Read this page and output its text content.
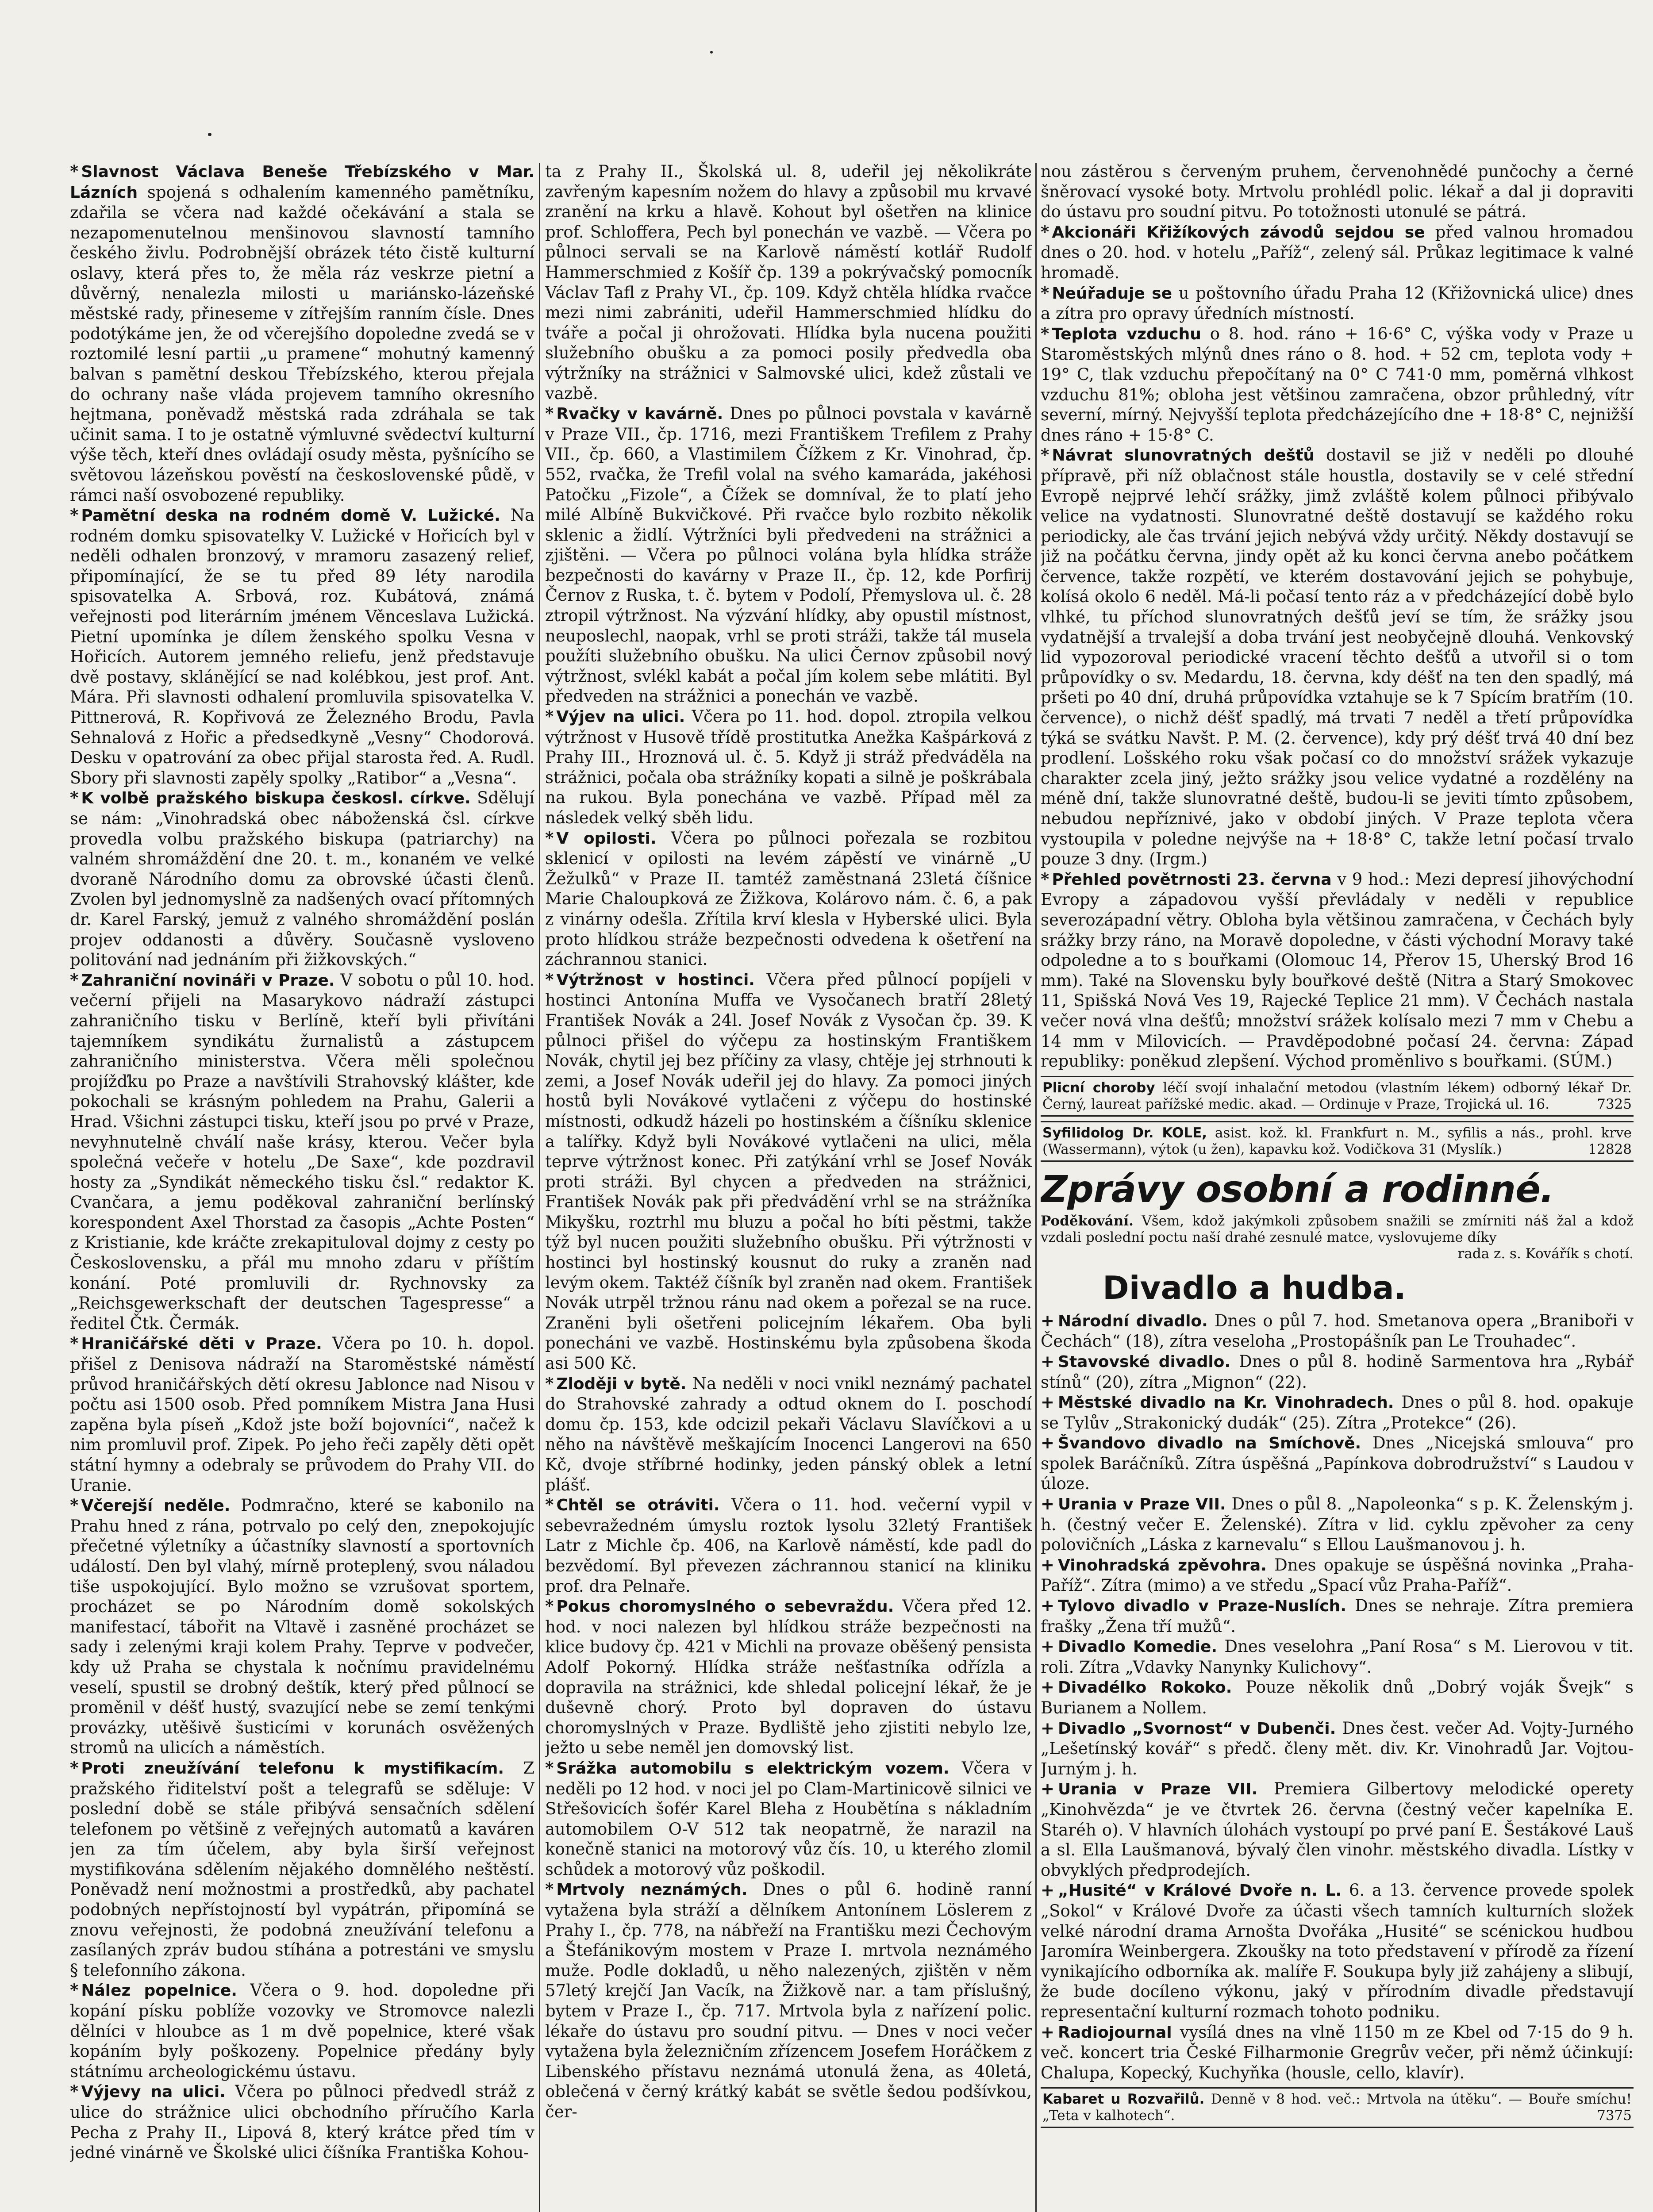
* Slavnost Václava Beneše Třebízského v Mar. Lázních spojená s odhalením kamenného pamětníku, zdařila se včera nad každé očekávání a stala se nezapomenutelnou menšinovou slavností tamního českého živlu. Podrobnější obrázek této čistě kulturní oslavy, která přes to, že měla ráz veskrze pietní a důvěrný, nenalezla milosti u mariánsko-lázeňské městské rady, přineseme v zítřejším ranním čísle. Dnes podotýkáme jen, že od včerejšího dopoledne zvedá se v roztomilé lesní partii „u pramene“ mohutný kamenný balvan s pamětní deskou Třebízského, kterou přejala do ochrany naše vláda projevem tamního okresního hejtmana, poněvadž městská rada zdráhala se tak učinit sama. I to je ostatně výmluvné svědectví kulturní výše těch, kteří dnes ovládají osudy města, pyšnícího se světovou lázeňskou pověstí na československé půdě, v rámci naší osvobozené republiky.

* Pamětní deska na rodném domě V. Lužické. Na rodném domku spisovatelky V. Lužické v Hořicích byl v neděli odhalen bronzový, v mramoru zasazený relief, připomínající, že se tu před 89 léty narodila spisovatelka A. Srbová, roz. Kubátová, známá veřejnosti pod literárním jménem Věnceslava Lužická. Pietní upomínka je dílem ženského spolku Vesna v Hořicích. Autorem jemného reliefu, jenž představuje dvě postavy, sklánějící se nad kolébkou, jest prof. Ant. Mára. Při slavnosti odhalení promluvila spisovatelka V. Pittnerová, R. Kopřivová ze Železného Brodu, Pavla Sehnalová z Hořic a předsedkyně „Vesny“ Chodorová. Desku v opatrování za obec přijal starosta řed. A. Rudl. Sbory při slavnosti zapěly spolky „Ratibor“ a „Vesna“.

* K volbě pražského biskupa českosl. církve. Sdělují se nám: „Vinohradská obec náboženská čsl. církve provedla volbu pražského biskupa (patriarchy) na valném shromáždění dne 20. t. m., konaném ve velké dvoraně Národního domu za obrovské účasti členů. Zvolen byl jednomyslně za nadšených ovací přítomných dr. Karel Farský, jemuž z valného shromáždění poslán projev oddanosti a důvěry. Současně vysloveno politování nad jednáním při žižkovských.“

* Zahraniční novináři v Praze. V sobotu o půl 10. hod. večerní přijeli na Masarykovo nádraží zástupci zahraničního tisku v Berlíně, kteří byli přivítáni tajemníkem syndikátu žurnalistů a zástupcem zahraničního ministerstva. Včera měli společnou projížďku po Praze a navštívili Strahovský klášter, kde pokochali se krásným pohledem na Prahu, Galerii a Hrad. Všichni zástupci tisku, kteří jsou po prvé v Praze, nevyhnutelně chválí naše krásy, kterou. Večer byla společná večeře v hotelu „De Saxe“, kde pozdravil hosty za „Syndikát německého tisku čsl.“ redaktor K. Cvančara, a jemu poděkoval zahraniční berlínský korespondent Axel Thorstad za časopis „Achte Posten“ z Kristianie, kde kráčte zrekapituloval dojmy z cesty po Československu, a přál mu mnoho zdaru v příštím konání. Poté promluvili dr. Rychnovsky za „Reichsgewerkschaft der deutschen Tagespresse“ a ředitel Čtk. Čermák.

* Hraničářské děti v Praze. Včera po 10. h. dopol. přišel z Denisova nádraží na Staroměstské náměstí průvod hraničářských dětí okresu Jablonce nad Nisou v počtu asi 1500 osob. Před pomníkem Mistra Jana Husi zapěna byla píseň „Kdož jste boží bojovníci“, načež k nim promluvil prof. Zipek. Po jeho řeči zapěly děti opět státní hymny a odebraly se průvodem do Prahy VII. do Uranie.

* Včerejší neděle. Podmračno, které se kabonilo na Prahu hned z rána, potrvalo po celý den, znepokojujíc přečetné výletníky a účastníky slavností a sportovních událostí. Den byl vlahý, mírně proteplený, svou náladou tiše uspokojující. Bylo možno se vzrušovat sportem, procházet se po Národním domě sokolských manifestací, tábořit na Vltavě i zasněné procházet se sady i zelenými kraji kolem Prahy. Teprve v podvečer, kdy už Praha se chystala k nočnímu pravidelnému veselí, spustil se drobný deštík, který před půlnocí se proměnil v déšť hustý, svazující nebe se zemí tenkými provázky, utěšivě šusticími v korunách osvěžených stromů na ulicích a náměstích.

* Proti zneužívání telefonu k mystifikacím. Z pražského řiditelství pošt a telegrafů se sděluje: V poslední době se stále přibývá sensačních sdělení telefonem po většině z veřejných automatů a kaváren jen za tím účelem, aby byla širší veřejnost mystifikována sdělením nějakého domnělého neštěstí. Poněvadž není možnostmi a prostředků, aby pachatel podobných nepřístojností byl vypátrán, připomíná se znovu veřejnosti, že podobná zneužívání telefonu a zasílaných zpráv budou stíhána a potrestáni ve smyslu § telefonního zákona.

* Nález popelnice. Včera o 9. hod. dopoledne při kopání písku poblíže vozovky ve Stromovce nalezli dělníci v hloubce as 1 m dvě popelnice, které však kopáním byly poškozeny. Popelnice předány byly státnímu archeologickému ústavu.

* Výjevy na ulici. Včera po půlnoci předvedl stráž z ulice do strážnice ulici obchodního příručího Karla Pecha z Prahy II., Lipová 8, který krátce před tím v jedné vinárně ve Školské ulici číšníka Františka Kohou-

ta z Prahy II., Školská ul. 8, udeřil jej několikráte zavřeným kapesním nožem do hlavy a způsobil mu krvavé zranění na krku a hlavě. Kohout byl ošetřen na klinice prof. Schloffera, Pech byl ponechán ve vazbě. — Včera po půlnoci servali se na Karlově náměstí kotlář Rudolf Hammerschmied z Košíř čp. 139 a pokrývačský pomocník Václav Tafl z Prahy VI., čp. 109. Když chtěla hlídka rvačce mezi nimi zabrániti, udeřil Hammerschmied hlídku do tváře a počal ji ohrožovati. Hlídka byla nucena použiti služebního obušku a za pomoci posily předvedla oba výtržníky na strážnici v Salmovské ulici, kdež zůstali ve vazbě.

* Rvačky v kavárně. Dnes po půlnoci povstala v kavárně v Praze VII., čp. 1716, mezi Františkem Trefilem z Prahy VII., čp. 660, a Vlastimilem Čížkem z Kr. Vinohrad, čp. 552, rvačka, že Trefil volal na svého kamaráda, jakéhosi Patočku „Fizole“, a Čížek se domníval, že to platí jeho milé Albíně Bukvičkové. Při rvačce bylo rozbito několik sklenic a židlí. Výtržníci byli předvedeni na strážnici a zjištěni. — Včera po půlnoci volána byla hlídka stráže bezpečnosti do kavárny v Praze II., čp. 12, kde Porfirij Černov z Ruska, t. č. bytem v Podolí, Přemyslova ul. č. 28 ztropil výtržnost. Na výzvání hlídky, aby opustil místnost, neuposlechl, naopak, vrhl se proti stráži, takže tál musela použíti služebního obušku. Na ulici Černov způsobil nový výtržnost, svlékl kabát a počal jím kolem sebe mlátiti. Byl předveden na strážnici a ponechán ve vazbě.

* Výjev na ulici. Včera po 11. hod. dopol. ztropila velkou výtržnost v Husově třídě prostitutka Anežka Kašpárková z Prahy III., Hroznová ul. č. 5. Když ji stráž předváděla na strážnici, počala oba strážníky kopati a silně je poškrábala na rukou. Byla ponechána ve vazbě. Případ měl za následek velký sběh lidu.

* V opilosti. Včera po půlnoci pořezala se rozbitou sklenicí v opilosti na levém zápěstí ve vinárně „U Žežulků“ v Praze II. tamtéž zaměstnaná 23letá číšnice Marie Chaloupková ze Žižkova, Kolárovo nám. č. 6, a pak z vinárny odešla. Zřítila krví klesla v Hyberské ulici. Byla proto hlídkou stráže bezpečnosti odvedena k ošetření na záchrannou stanici.

* Výtržnost v hostinci. Včera před půlnocí popíjeli v hostinci Antonína Muffa ve Vysočanech bratří 28letý František Novák a 24l. Josef Novák z Vysočan čp. 39. K půlnoci přišel do výčepu za hostinským Františkem Novák, chytil jej bez příčiny za vlasy, chtěje jej strhnouti k zemi, a Josef Novák udeřil jej do hlavy. Za pomoci jiných hostů byli Novákové vytlačeni z výčepu do hostinské místnosti, odkudž házeli po hostinském a číšníku sklenice a talířky. Když byli Novákové vytlačeni na ulici, měla teprve výtržnost konec. Při zatýkání vrhl se Josef Novák proti stráži. Byl chycen a předveden na strážnici, František Novák pak při předvádění vrhl se na strážníka Mikyšku, roztrhl mu bluzu a počal ho bíti pěstmi, takže týž byl nucen použiti služebního obušku. Při výtržnosti v hostinci byl hostinský kousnut do ruky a zraněn nad levým okem. Taktéž číšník byl zraněn nad okem. František Novák utrpěl tržnou ránu nad okem a pořezal se na ruce. Zraněni byli ošetřeni policejním lékařem. Oba byli ponecháni ve vazbě. Hostinskému byla způsobena škoda asi 500 Kč.

* Zloději v bytě. Na neděli v noci vnikl neznámý pachatel do Strahovské zahrady a odtud oknem do I. poschodí domu čp. 153, kde odcizil pekaři Václavu Slavíčkovi a u něho na návštěvě meškajícím Inocenci Langerovi na 650 Kč, dvoje stříbrné hodinky, jeden pánský oblek a letní plášť.

* Chtěl se otráviti. Včera o 11. hod. večerní vypil v sebevražedném úmyslu roztok lysolu 32letý František Latr z Michle čp. 406, na Karlově náměstí, kde padl do bezvědomí. Byl převezen záchrannou stanicí na kliniku prof. dra Pelnaře.

* Pokus choromyslného o sebevraždu. Včera před 12. hod. v noci nalezen byl hlídkou stráže bezpečnosti na klice budovy čp. 421 v Michli na provaze oběšený pensista Adolf Pokorný. Hlídka stráže nešťastníka odřízla a dopravila na strážnici, kde shledal policejní lékař, že je duševně chorý. Proto byl dopraven do ústavu choromyslných v Praze. Bydliště jeho zjistiti nebylo lze, ježto u sebe neměl jen domovský list.

* Srážka automobilu s elektrickým vozem. Včera v neděli po 12 hod. v noci jel po Clam-Martinicově silnici ve Střešovicích šofér Karel Bleha z Houbětína s nákladním automobilem O-V 512 tak neopatrně, že narazil na konečně stanici na motorový vůz čís. 10, u kterého zlomil schůdek a motorový vůz poškodil.

* Mrtvoly neznámých. Dnes o půl 6. hodině ranní vytažena byla stráží a dělníkem Antonínem Löslerem z Prahy I., čp. 778, na nábřeží na Františku mezi Čechovým a Štefánikovým mostem v Praze I. mrtvola neznámého muže. Podle dokladů, u něho nalezených, zjištěn v něm 57letý krejčí Jan Vacík, na Žižkově nar. a tam příslušný, bytem v Praze I., čp. 717. Mrtvola byla z nařízení polic. lékaře do ústavu pro soudní pitvu. — Dnes v noci večer vytažena byla železničním zřízencem Josefem Horáčkem z Libenského přístavu neznámá utonulá žena, as 40letá, oblečená v černý krátký kabát se světle šedou podšívkou, čer-

nou zástěrou s červeným pruhem, červenohnědé punčochy a černé šněrovací vysoké boty. Mrtvolu prohlédl polic. lékař a dal ji dopraviti do ústavu pro soudní pitvu. Po totožnosti utonulé se pátrá.

* Akcionáři Křižíkových závodů sejdou se před valnou hromadou dnes o 20. hod. v hotelu „Paříž“, zelený sál. Průkaz legitimace k valné hromadě.

* Neúřaduje se u poštovního úřadu Praha 12 (Křižovnická ulice) dnes a zítra pro opravy úředních místností.

* Teplota vzduchu o 8. hod. ráno + 16·6° C, výška vody v Praze u Staroměstských mlýnů dnes ráno o 8. hod. + 52 cm, teplota vody + 19° C, tlak vzduchu přepočítaný na 0° C 741·0 mm, poměrná vlhkost vzduchu 81%; obloha jest většinou zamračena, obzor průhledný, vítr severní, mírný. Nejvyšší teplota předcházejícího dne + 18·8° C, nejnižší dnes ráno + 15·8° C.

* Návrat slunovratných dešťů dostavil se již v neděli po dlouhé přípravě, při níž oblačnost stále houstla, dostavily se v celé střední Evropě nejprvé lehčí srážky, jimž zvláště kolem půlnoci přibývalo velice na vydatnosti. Slunovratné deště dostavují se každého roku periodicky, ale čas trvání jejich nebývá vždy určitý. Někdy dostavují se již na počátku června, jindy opět až ku konci června anebo počátkem července, takže rozpětí, ve kterém dostavování jejich se pohybuje, kolísá okolo 6 neděl. Má-li počasí tento ráz a v předcházející době bylo vlhké, tu příchod slunovratných dešťů jeví se tím, že srážky jsou vydatnější a trvalejší a doba trvání jest neobyčejně dlouhá. Venkovský lid vypozoroval periodické vracení těchto dešťů a utvořil si o tom průpovídky o sv. Medardu, 18. června, kdy déšť na ten den spadlý, má pršeti po 40 dní, druhá průpovídka vztahuje se k 7 Spícím bratřím (10. července), o nichž déšť spadlý, má trvati 7 neděl a třetí průpovídka týká se svátku Navšt. P. M. (2. července), kdy prý déšť trvá 40 dní bez prodlení. Lošského roku však počasí co do množství srážek vykazuje charakter zcela jiný, ježto srážky jsou velice vydatné a rozdělény na méně dní, takže slunovratné deště, budou-li se jeviti tímto způsobem, nebudou nepříznivé, jako v období jiných. V Praze teplota včera vystoupila v poledne nejvýše na + 18·8° C, takže letní počasí trvalo pouze 3 dny. (Irgm.)

* Přehled povětrnosti 23. června v 9 hod.: Mezi depresí jihovýchodní Evropy a západovou vyšší převládaly v neděli v republice severozápadní větry. Obloha byla většinou zamračena, v Čechách byly srážky brzy ráno, na Moravě dopoledne, v části východní Moravy také odpoledne a to s bouřkami (Olomouc 14, Přerov 15, Uherský Brod 16 mm). Také na Slovensku byly bouřkové deště (Nitra a Starý Smokovec 11, Spišská Nová Ves 19, Rajecké Teplice 21 mm). V Čechách nastala večer nová vlna dešťů; množství srážek kolísalo mezi 7 mm v Chebu a 14 mm v Milovicích. — Pravděpodobné počasí 24. června: Západ republiky: poněkud zlepšení. Východ proměnlivo s bouřkami. (SÚM.)

Plicní choroby léčí svojí inhalační metodou (vlastním lékem) odborný lékař Dr. Černý, laureat pařížské medic. akad. — Ordinuje v Praze, Trojická ul. 16.	7325
Syfilidolog Dr. KOLE, asist. kož. kl. Frankfurt n. M., syfilis a nás., prohl. krve (Wassermann), výtok (u žen), kapavku kož. Vodičkova 31 (Myslík.)	12828
Zprávy osobní a rodinné.
Poděkování. Všem, kdož jakýmkoli způsobem snažili se zmírniti náš žal a kdož vzdali poslední poctu naší drahé zesnulé matce, vyslovujeme díky
rada z. s. Kovářík s chotí.
Divadlo a hudba.

+ Národní divadlo. Dnes o půl 7. hod. Smetanova opera „Braniboři v Čechách“ (18), zítra veseloha „Prostopášník pan Le Trouhadec“.

+ Stavovské divadlo. Dnes o půl 8. hodině Sarmentova hra „Rybář stínů“ (20), zítra „Mignon“ (22).

+ Městské divadlo na Kr. Vinohradech. Dnes o půl 8. hod. opakuje se Tylův „Strakonický dudák“ (25). Zítra „Protekce“ (26).

+ Švandovo divadlo na Smíchově. Dnes „Nicejská smlouva“ pro spolek Baráčníků. Zítra úspěšná „Papínkova dobrodružství“ s Laudou v úloze.

+ Urania v Praze VII. Dnes o půl 8. „Napoleonka“ s p. K. Želenským j. h. (čestný večer E. Želenské). Zítra v lid. cyklu zpěvoher za ceny polovičních „Láska z karnevalu“ s Ellou Laušmanovou j. h.

+ Vinohradská zpěvohra. Dnes opakuje se úspěšná novinka „Praha-Paříž“. Zítra (mimo) a ve středu „Spací vůz Praha-Paříž“.

+ Tylovo divadlo v Praze-Nuslích. Dnes se nehraje. Zítra premiera frašky „Žena tří mužů“.

+ Divadlo Komedie. Dnes veselohra „Paní Rosa“ s M. Lierovou v tit. roli. Zítra „Vdavky Nanynky Kulichovy“.

+ Divadélko Rokoko. Pouze několik dnů „Dobrý voják Švejk“ s Burianem a Nollem.

+ Divadlo „Svornost“ v Dubenči. Dnes čest. večer Ad. Vojty-Jurného „Lešetínský kovář“ s předč. členy mět. div. Kr. Vinohradů Jar. Vojtou-Jurným j. h.

+ Urania v Praze VII. Premiera Gilbertovy melodické operety „Kinohvězda“ je ve čtvrtek 26. června (čestný večer kapelníka E. Staréh o). V hlavních úlohách vystoupí po prvé paní E. Šestákové Lauš a sl. Ella Laušmanová, bývalý člen vinohr. městského divadla. Lístky v obvyklých předprodejích.

+ „Husité“ v Králové Dvoře n. L. 6. a 13. července provede spolek „Sokol“ v Králové Dvoře za účasti všech tamních kulturních složek velké národní drama Arnošta Dvořáka „Husité“ se scénickou hudbou Jaromíra Weinbergera. Zkoušky na toto představení v přírodě za řízení vynikajícího odborníka ak. malíře F. Soukupa byly již zahájeny a slibují, že bude docíleno výkonu, jaký v přírodním divadle představují representační kulturní rozmach tohoto podniku.

+ Radiojournal vysílá dnes na vlně 1150 m ze Kbel od 7·15 do 9 h. več. koncert tria České Filharmonie Gregrův večer, při němž účinkují: Chalupa, Kopecký, Kuchyňka (housle, cello, klavír).

Kabaret u Rozvařilů. Denně v 8 hod. več.: Mrtvola na útěku“. — Bouře smíchu! „Teta v kalhotech“.	7375
